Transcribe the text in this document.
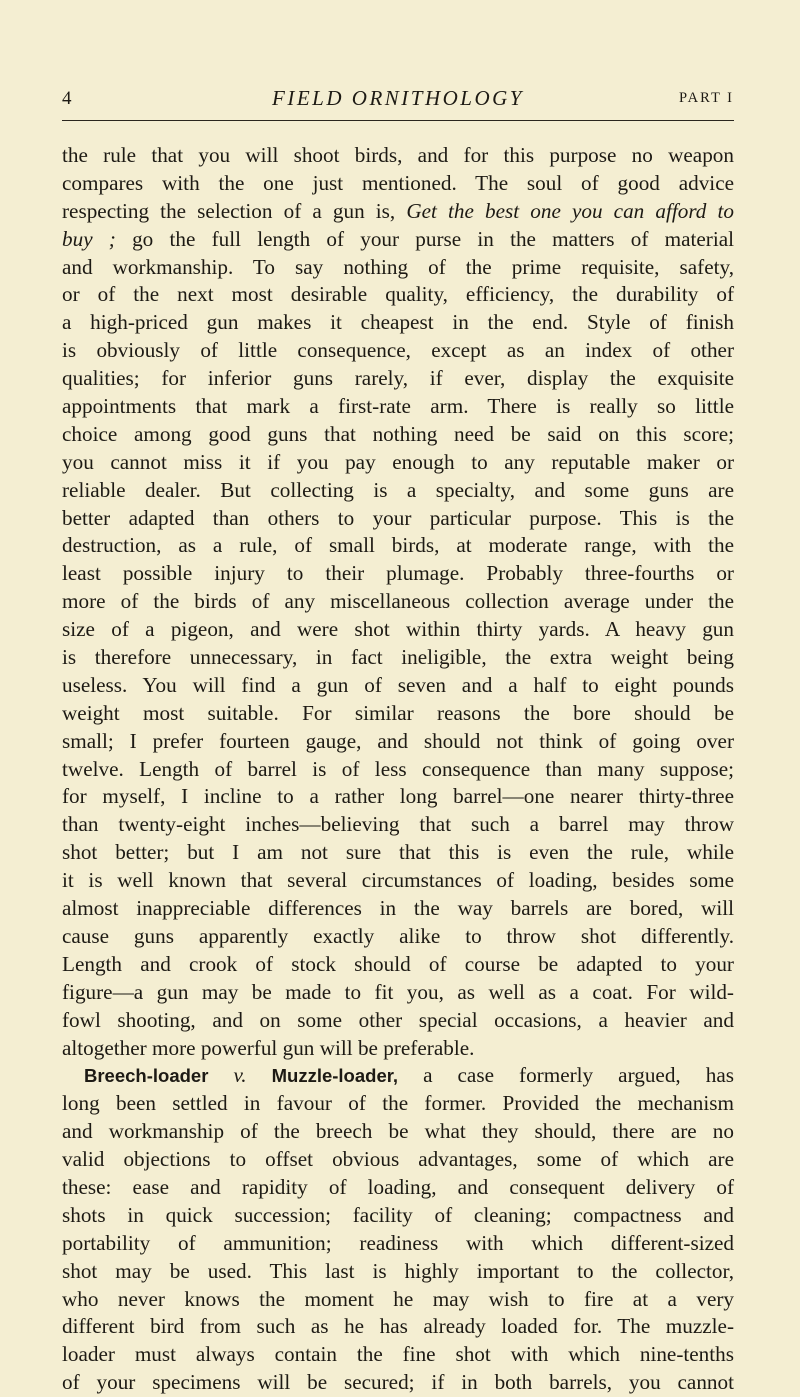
4	FIELD ORNITHOLOGY	PART I
the rule that you will shoot birds, and for this purpose no weapon
compares with the one just mentioned. The soul of good advice
respecting the selection of a gun is, Get the best one you can afford to
buy ; go the full length of your purse in the matters of material
and workmanship. To say nothing of the prime requisite, safety,
or of the next most desirable quality, efficiency, the durability of
a high-priced gun makes it cheapest in the end. Style of finish
is obviously of little consequence, except as an index of other
qualities; for inferior guns rarely, if ever, display the exquisite
appointments that mark a first-rate arm. There is really so little
choice among good guns that nothing need be said on this score;
you cannot miss it if you pay enough to any reputable maker or
reliable dealer. But collecting is a specialty, and some guns are
better adapted than others to your particular purpose. This is the
destruction, as a rule, of small birds, at moderate range, with the
least possible injury to their plumage. Probably three-fourths or
more of the birds of any miscellaneous collection average under the
size of a pigeon, and were shot within thirty yards. A heavy gun
is therefore unnecessary, in fact ineligible, the extra weight being
useless. You will find a gun of seven and a half to eight pounds
weight most suitable. For similar reasons the bore should be
small; I prefer fourteen gauge, and should not think of going over
twelve. Length of barrel is of less consequence than many suppose;
for myself, I incline to a rather long barrel—one nearer thirty-three
than twenty-eight inches—believing that such a barrel may throw
shot better; but I am not sure that this is even the rule, while
it is well known that several circumstances of loading, besides some
almost inappreciable differences in the way barrels are bored, will
cause guns apparently exactly alike to throw shot differently.
Length and crook of stock should of course be adapted to your
figure—a gun may be made to fit you, as well as a coat. For wild-
fowl shooting, and on some other special occasions, a heavier and
altogether more powerful gun will be preferable.
Breech-loader v. Muzzle-loader, a case formerly argued, has
long been settled in favour of the former. Provided the mechanism
and workmanship of the breech be what they should, there are no
valid objections to offset obvious advantages, some of which are
these: ease and rapidity of loading, and consequent delivery of
shots in quick succession; facility of cleaning; compactness and
portability of ammunition; readiness with which different-sized
shot may be used. This last is highly important to the collector,
who never knows the moment he may wish to fire at a very
different bird from such as he has already loaded for. The muzzle-
loader must always contain the fine shot with which nine-tenths
of your specimens will be secured; if in both barrels, you cannot
